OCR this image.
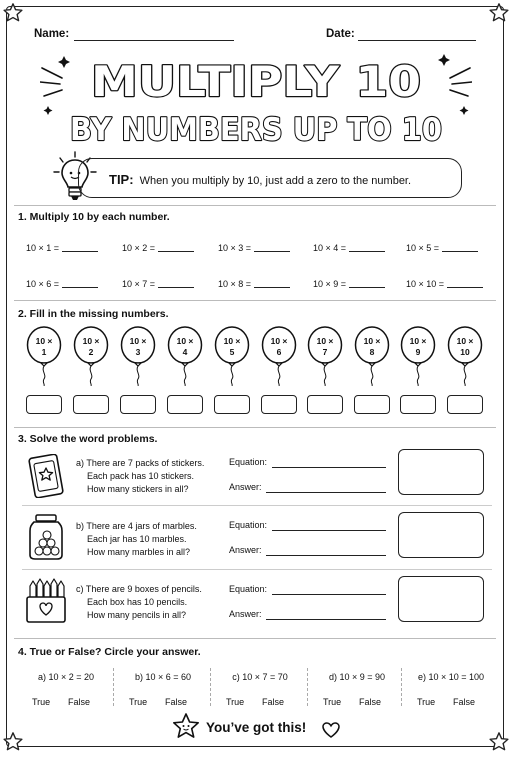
Name:	Date:
MULTIPLY 10
BY NUMBERS UP TO 10
TIP: When you multiply by 10, just add a zero to the number.
1. Multiply 10 by each number.
10 × 1 =	10 × 2 =	10 × 3 =	10 × 4 =	10 × 5 =
10 × 6 =	10 × 7 =	10 × 8 =	10 × 9 =	10 × 10 =
2. Fill in the missing numbers.
10 ×
1
10 ×
2
10 ×
3
10 ×
4
10 ×
5
10 ×
6
10 ×
7
10 ×
8
10 ×
9
10 ×
10
3. Solve the word problems.
a) There are 7 packs of stickers.
Each pack has 10 stickers.
How many stickers in all?
Equation:
Answer:
b) There are 4 jars of marbles.
Each jar has 10 marbles.
How many marbles in all?
Equation:
Answer:
c) There are 9 boxes of pencils.
Each box has 10 pencils.
How many pencils in all?
Equation:
Answer:
4. True or False? Circle your answer.
a) 10 × 2 = 20
True False
b) 10 × 6 = 60
True False
c) 10 × 7 = 70
True False
d) 10 × 9 = 90
True False
e) 10 × 10 = 100
True False
You’ve got this!
